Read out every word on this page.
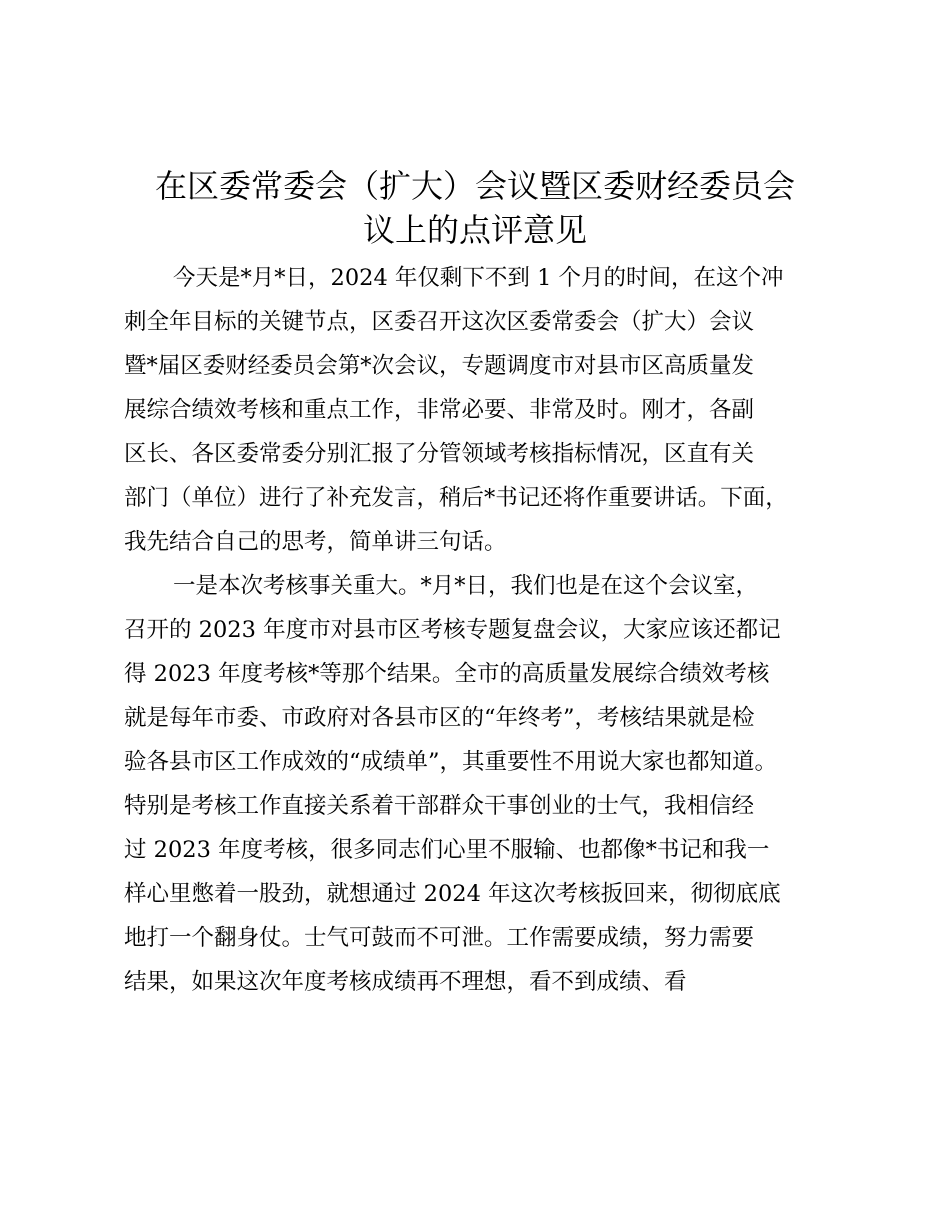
在区委常委会（扩大）会议暨区委财经委员会
议上的点评意见
今天是*月*日，2024 年仅剩下不到 1 个月的时间，在这个冲
刺全年目标的关键节点，区委召开这次区委常委会（扩大）会议
暨*届区委财经委员会第*次会议，专题调度市对县市区高质量发
展综合绩效考核和重点工作，非常必要、非常及时。刚才，各副
区长、各区委常委分别汇报了分管领域考核指标情况，区直有关
部门（单位）进行了补充发言，稍后*书记还将作重要讲话。下面，
我先结合自己的思考，简单讲三句话。
一是本次考核事关重大。*月*日，我们也是在这个会议室，
召开的 2023 年度市对县市区考核专题复盘会议，大家应该还都记
得 2023 年度考核*等那个结果。全市的高质量发展综合绩效考核
就是每年市委、市政府对各县市区的“年终考”，考核结果就是检
验各县市区工作成效的“成绩单”，其重要性不用说大家也都知道。
特别是考核工作直接关系着干部群众干事创业的士气，我相信经
过 2023 年度考核，很多同志们心里不服输、也都像*书记和我一
样心里憋着一股劲，就想通过 2024 年这次考核扳回来，彻彻底底
地打一个翻身仗。士气可鼓而不可泄。工作需要成绩，努力需要
结果，如果这次年度考核成绩再不理想，看不到成绩、看
